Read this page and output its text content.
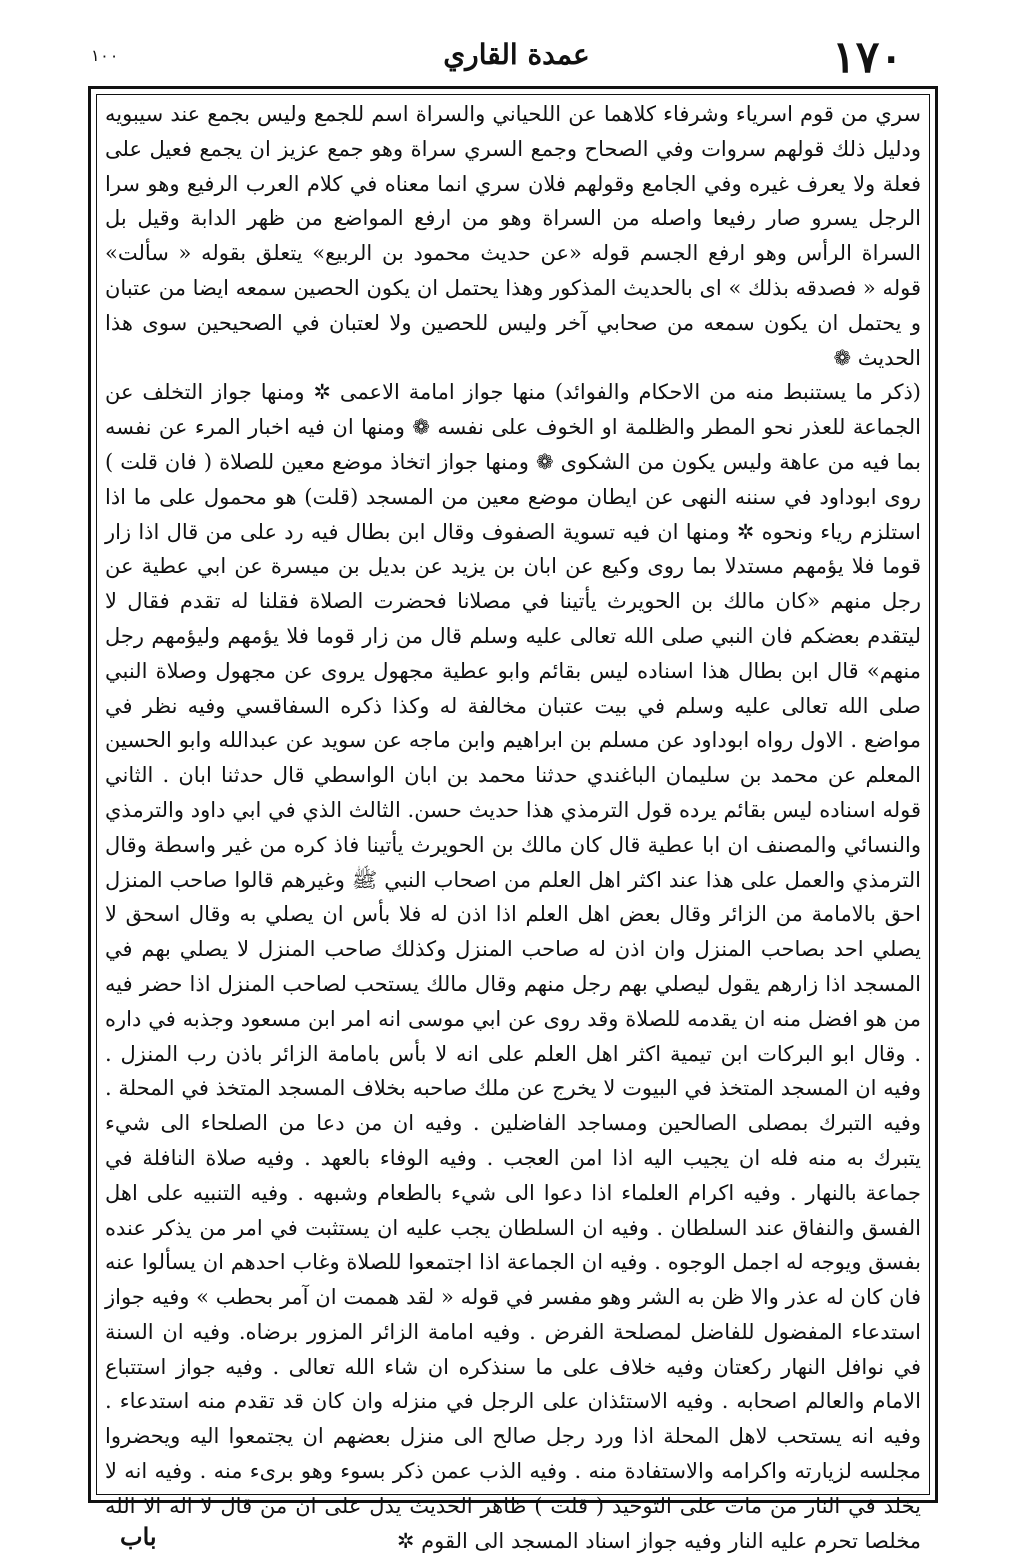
١٠٠	عمدة القاري	١٧٠

سري من قوم اسرياء وشرفاء كلاهما عن اللحياني والسراة اسم للجمع وليس بجمع عند سيبويه ودليل ذلك قولهم سروات وفي الصحاح وجمع السري سراة وهو جمع عزيز ان يجمع فعيل على فعلة ولا يعرف غيره وفي الجامع وقولهم فلان سري انما معناه في كلام العرب الرفيع وهو سرا الرجل يسرو صار رفيعا واصله من السراة وهو من ارفع المواضع من ظهر الدابة وقيل بل السراة الرأس وهو ارفع الجسم قوله «عن حديث محمود بن الربيع» يتعلق بقوله « سألت» قوله « فصدقه بذلك » اى بالحديث المذكور وهذا يحتمل ان يكون الحصين سمعه ايضا من عتبان و يحتمل ان يكون سمعه من صحابي آخر وليس للحصين ولا لعتبان في الصحيحين سوى هذا الحديث ❁

(ذكر ما يستنبط منه من الاحكام والفوائد) منها جواز امامة الاعمى ✲ ومنها جواز التخلف عن الجماعة للعذر نحو المطر والظلمة او الخوف على نفسه ❁ ومنها ان فيه اخبار المرء عن نفسه بما فيه من عاهة وليس يكون من الشكوى ❁ ومنها جواز اتخاذ موضع معين للصلاة ( فان قلت ) روى ابوداود في سننه النهى عن ايطان موضع معين من المسجد (قلت) هو محمول على ما اذا استلزم رياء ونحوه ✲ ومنها ان فيه تسوية الصفوف وقال ابن بطال فيه رد على من قال اذا زار قوما فلا يؤمهم مستدلا بما روى وكيع عن ابان بن يزيد عن بديل بن ميسرة عن ابي عطية عن رجل منهم «كان مالك بن الحويرث يأتينا في مصلانا فحضرت الصلاة فقلنا له تقدم فقال لا ليتقدم بعضكم فان النبي صلى الله تعالى عليه وسلم قال من زار قوما فلا يؤمهم وليؤمهم رجل منهم» قال ابن بطال هذا اسناده ليس بقائم وابو عطية مجهول يروى عن مجهول وصلاة النبي صلى الله تعالى عليه وسلم في بيت عتبان مخالفة له وكذا ذكره السفاقسي وفيه نظر في مواضع . الاول رواه ابوداود عن مسلم بن ابراهيم وابن ماجه عن سويد عن عبدالله وابو الحسين المعلم عن محمد بن سليمان الباغندي حدثنا محمد بن ابان الواسطي قال حدثنا ابان . الثاني قوله اسناده ليس بقائم يرده قول الترمذي هذا حديث حسن. الثالث الذي في ابي داود والترمذي والنسائي والمصنف ان ابا عطية قال كان مالك بن الحويرث يأتينا فاذ كره من غير واسطة وقال الترمذي والعمل على هذا عند اكثر اهل العلم من اصحاب النبي ﷺ وغيرهم قالوا صاحب المنزل احق بالامامة من الزائر وقال بعض اهل العلم اذا اذن له فلا بأس ان يصلي به وقال اسحق لا يصلي احد بصاحب المنزل وان اذن له صاحب المنزل وكذلك صاحب المنزل لا يصلي بهم في المسجد اذا زارهم يقول ليصلي بهم رجل منهم وقال مالك يستحب لصاحب المنزل اذا حضر فيه من هو افضل منه ان يقدمه للصلاة وقد روى عن ابي موسى انه امر ابن مسعود وجذبه في داره . وقال ابو البركات ابن تيمية اكثر اهل العلم على انه لا بأس بامامة الزائر باذن رب المنزل . وفيه ان المسجد المتخذ في البيوت لا يخرج عن ملك صاحبه بخلاف المسجد المتخذ في المحلة . وفيه التبرك بمصلى الصالحين ومساجد الفاضلين . وفيه ان من دعا من الصلحاء الى شيء يتبرك به منه فله ان يجيب اليه اذا امن العجب . وفيه الوفاء بالعهد . وفيه صلاة النافلة في جماعة بالنهار . وفيه اكرام العلماء اذا دعوا الى شيء بالطعام وشبهه . وفيه التنبيه على اهل الفسق والنفاق عند السلطان . وفيه ان السلطان يجب عليه ان يستثبت في امر من يذكر عنده بفسق ويوجه له اجمل الوجوه . وفيه ان الجماعة اذا اجتمعوا للصلاة وغاب احدهم ان يسألوا عنه فان كان له عذر والا ظن به الشر وهو مفسر في قوله « لقد هممت ان آمر بحطب » وفيه جواز استدعاء المفضول للفاضل لمصلحة الفرض . وفيه امامة الزائر المزور برضاه. وفيه ان السنة في نوافل النهار ركعتان وفيه خلاف على ما سنذكره ان شاء الله تعالى . وفيه جواز استتباع الامام والعالم اصحابه . وفيه الاستئذان على الرجل في منزله وان كان قد تقدم منه استدعاء . وفيه انه يستحب لاهل المحلة اذا ورد رجل صالح الى منزل بعضهم ان يجتمعوا اليه ويحضروا مجلسه لزيارته واكرامه والاستفادة منه . وفيه الذب عمن ذكر بسوء وهو برىء منه . وفيه انه لا يخلد في النار من مات على التوحيد ( قلت ) ظاهر الحديث يدل على ان من قال لا اله الا الله مخلصا تحرم عليه النار وفيه جواز اسناد المسجد الى القوم ✲

باب
